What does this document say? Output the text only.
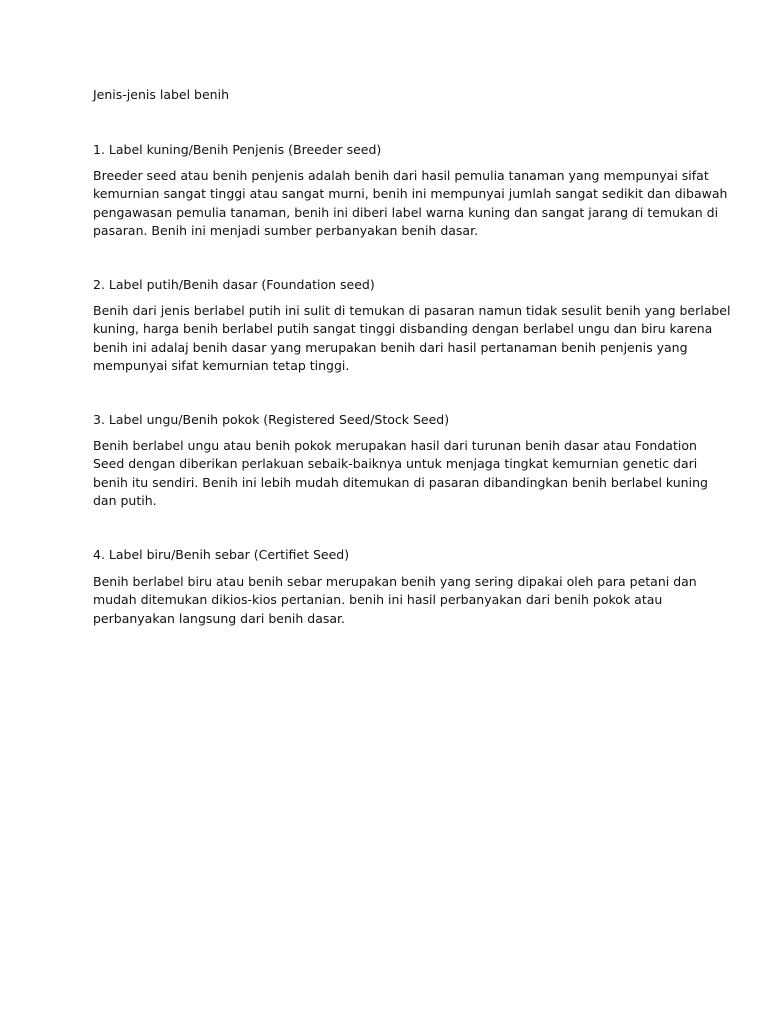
Jenis-jenis label benih
1. Label kuning/Benih Penjenis (Breeder seed)

Breeder seed atau benih penjenis adalah benih dari hasil pemulia tanaman yang mempunyai sifat
kemurnian sangat tinggi atau sangat murni, benih ini mempunyai jumlah sangat sedikit dan dibawah
pengawasan pemulia tanaman, benih ini diberi label warna kuning dan sangat jarang di temukan di
pasaran. Benih ini menjadi sumber perbanyakan benih dasar.

2. Label putih/Benih dasar (Foundation seed)

Benih dari jenis berlabel putih ini sulit di temukan di pasaran namun tidak sesulit benih yang berlabel
kuning, harga benih berlabel putih sangat tinggi disbanding dengan berlabel ungu dan biru karena
benih ini adalaj benih dasar yang merupakan benih dari hasil pertanaman benih penjenis yang
mempunyai sifat kemurnian tetap tinggi.

3. Label ungu/Benih pokok (Registered Seed/Stock Seed)

Benih berlabel ungu atau benih pokok merupakan hasil dari turunan benih dasar atau Fondation
Seed dengan diberikan perlakuan sebaik-baiknya untuk menjaga tingkat kemurnian genetic dari
benih itu sendiri. Benih ini lebih mudah ditemukan di pasaran dibandingkan benih berlabel kuning
dan putih.

4. Label biru/Benih sebar (Certifiet Seed)

Benih berlabel biru atau benih sebar merupakan benih yang sering dipakai oleh para petani dan
mudah ditemukan dikios-kios pertanian. benih ini hasil perbanyakan dari benih pokok atau
perbanyakan langsung dari benih dasar.
